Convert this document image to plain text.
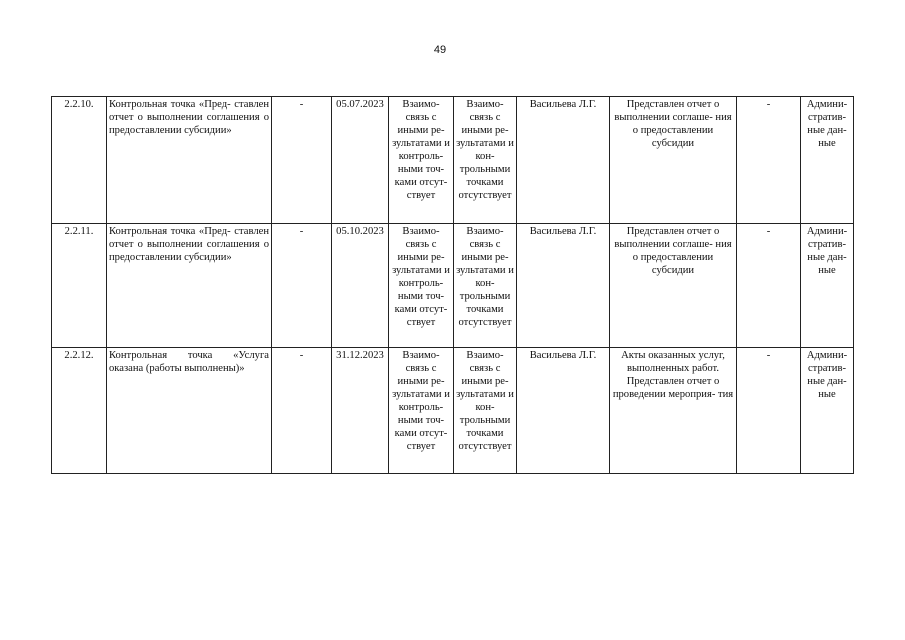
49
2.2.10.	Контрольная точка «Пред- ставлен отчет о выполнении соглашения о предоставлении субсидии»	-	05.07.2023	Взаимо- связь с иными ре- зультатами и контроль- ными точ- ками отсут- ствует	Взаимо- связь с иными ре- зультатами и кон- трольными точками отсутствует	Васильева Л.Г.	Представлен отчет о выполнении соглаше- ния о предоставлении субсидии	-	Админи- стратив- ные дан- ные
2.2.11.	Контрольная точка «Пред- ставлен отчет о выполнении соглашения о предоставлении субсидии»	-	05.10.2023	Взаимо- связь с иными ре- зультатами и контроль- ными точ- ками отсут- ствует	Взаимо- связь с иными ре- зультатами и кон- трольными точками отсутствует	Васильева Л.Г.	Представлен отчет о выполнении соглаше- ния о предоставлении субсидии	-	Админи- стратив- ные дан- ные
2.2.12.	Контрольная точка «Услуга оказана (работы выполнены)»	-	31.12.2023	Взаимо- связь с иными ре- зультатами и контроль- ными точ- ками отсут- ствует	Взаимо- связь с иными ре- зультатами и кон- трольными точками отсутствует	Васильева Л.Г.	Акты оказанных услуг, выполненных работ. Представлен отчет о проведении мероприя- тия	-	Админи- стратив- ные дан- ные
